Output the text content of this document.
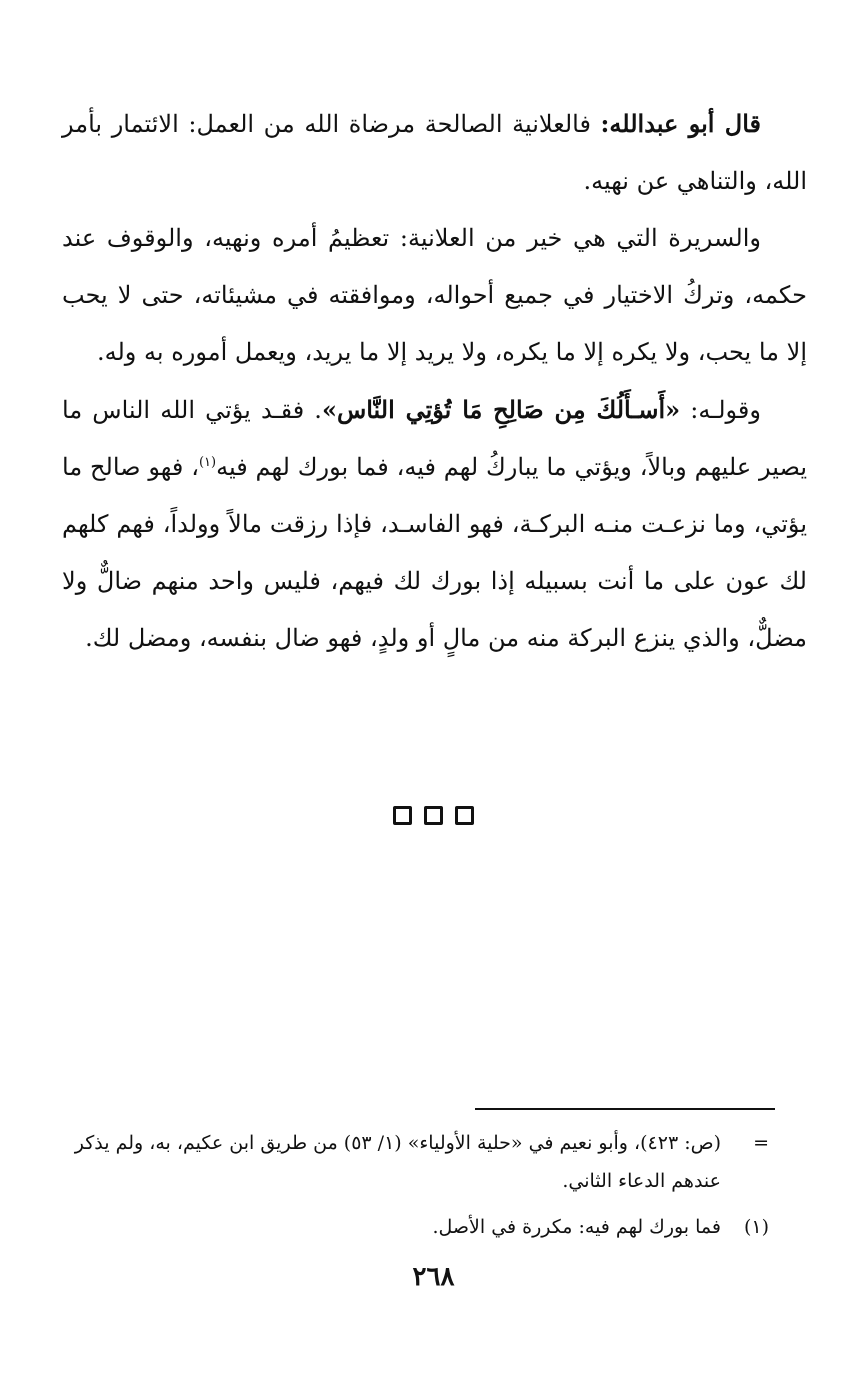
قال أبو عبدالله: فالعلانية الصالحة مرضاة الله من العمل: الائتمار بأمر الله، والتناهي عن نهيه.

والسريرة التي هي خير من العلانية: تعظيمُ أمره ونهيه، والوقوف عند حكمه، وتركُ الاختيار في جميع أحواله، وموافقته في مشيئاته، حتى لا يحب إلا ما يحب، ولا يكره إلا ما يكره، ولا يريد إلا ما يريد، ويعمل أموره به وله.

وقولـه: «أَسـأَلُكَ مِن صَالِحِ مَا تُؤتِي النَّاس». فقـد يؤتي الله الناس ما يصير عليهم وبالاً، ويؤتي ما يباركُ لهم فيه، فما بورك لهم فيه$^{(١)}$، فهو صالح ما يؤتي، وما نزعـت منـه البركـة، فهو الفاسـد، فإذا رزقت مالاً وولداً، فهم كلهم لك عون على ما أنت بسبيله إذا بورك لك فيهم، فليس واحد منهم ضالٌّ ولا مضلٌّ، والذي ينزع البركة منه من مالٍ أو ولدٍ، فهو ضال بنفسه، ومضل لك.

=
(ص: ٤٢٣)، وأبو نعيم في «حلية الأولياء» (١/ ٥٣) من طريق ابن عكيم، به، ولم يذكر عندهم الدعاء الثاني.

(١)
فما بورك لهم فيه: مكررة في الأصل.

٢٦٨
